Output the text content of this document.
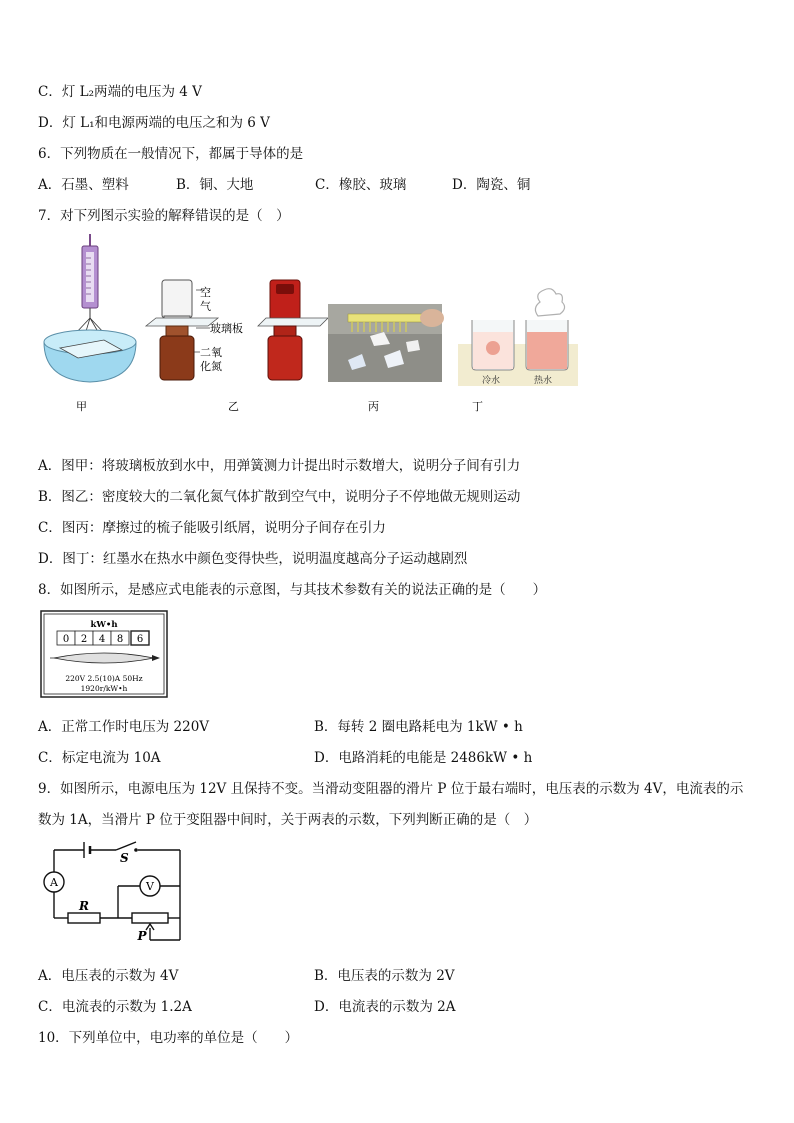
C．灯 L₂两端的电压为 4 V
D．灯 L₁和电源两端的电压之和为 6 V
6．下列物质在一般情况下，都属于导体的是
A．石墨、塑料	B．铜、大地	C．橡胶、玻璃	D．陶瓷、铜
7．对下列图示实验的解释错误的是（　）
冷水	热水
空
气
玻璃板
二氧
化氮
甲	乙	丙	丁
A．图甲：将玻璃板放到水中，用弹簧测力计提出时示数增大，说明分子间有引力
B．图乙：密度较大的二氧化氮气体扩散到空气中，说明分子不停地做无规则运动
C．图丙：摩擦过的梳子能吸引纸屑，说明分子间存在引力
D．图丁：红墨水在热水中颜色变得快些，说明温度越高分子运动越剧烈
8．如图所示，是感应式电能表的示意图，与其技术参数有关的说法正确的是（　　）
kW•h
0 2 4 8 6
220V 2.5(10)A 50Hz
1920r/kW•h
A．正常工作时电压为 220V	B．每转 2 圈电路耗电为 1kW • h
C．标定电流为 10A	D．电路消耗的电能是 2486kW • h
9．如图所示，电源电压为 12V 且保持不变。当滑动变阻器的滑片 P 位于最右端时，电压表的示数为 4V，电流表的示
数为 1A，当滑片 P 位于变阻器中间时，关于两表的示数，下列判断正确的是（　）
S
A	V
R
P
A．电压表的示数为 4V	B．电压表的示数为 2V
C．电流表的示数为 1.2A	D．电流表的示数为 2A
10．下列单位中，电功率的单位是（　　）
